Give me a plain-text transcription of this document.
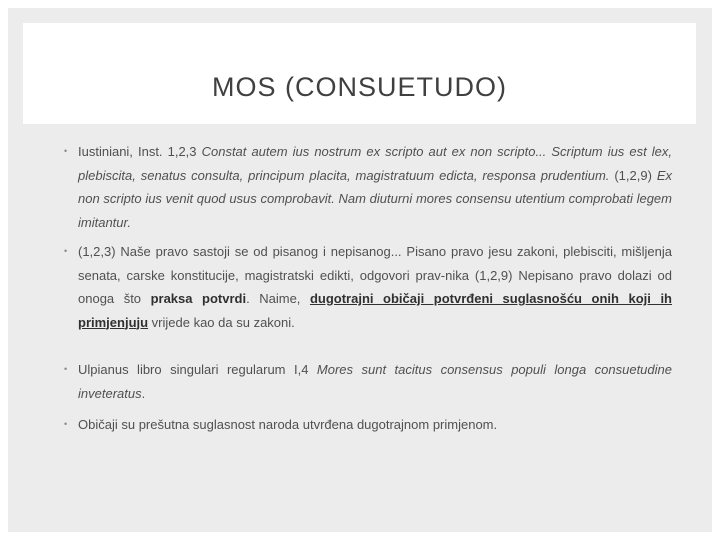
MOS (CONSUETUDO)
• Iustiniani, Inst. 1,2,3 Constat autem ius nostrum ex scripto aut ex non scripto... Scriptum ius est lex, plebiscita, senatus consulta, principum placita, magistratuum edicta, responsa prudentium. (1,2,9) Ex non scripto ius venit quod usus comprobavit. Nam diuturni mores consensu utentium comprobati legem imitantur.
• (1,2,3) Naše pravo sastoji se od pisanog i nepisanog... Pisano pravo jesu zakoni, plebisciti, mišljenja senata, carske konstitucije, magistratski edikti, odgovori prav-nika (1,2,9) Nepisano pravo dolazi od onoga što praksa potvrdi. Naime, dugotrajni običaji potvrđeni suglasnošću onih koji ih primjenjuju vrijede kao da su zakoni.
• Ulpianus libro singulari regularum I,4 Mores sunt tacitus consensus populi longa consuetudine inveteratus.
• Običaji su prešutna suglasnost naroda utvrđena dugotrajnom primjenom.
